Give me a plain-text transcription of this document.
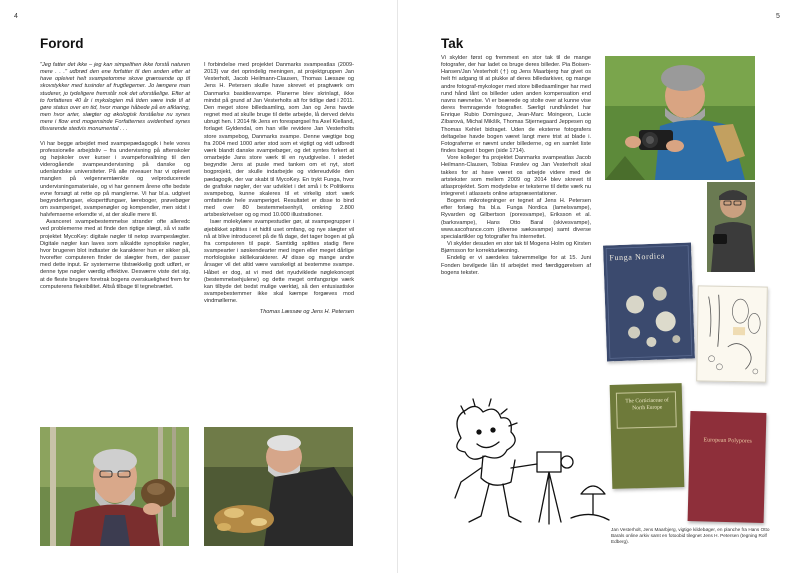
4
Forord

"Jeg fatter det ikke – jeg kan simpelthen ikke forstå naturen mere . . ." udbrød den ene forfatter til den anden efter at have opleivet helt svampetomme skove grænsende op til skovstykker med tusinder af frugtlegemer. Jo længere man studerer, jo tydeligere fremstår nok det uforståelige. Efter at to forfatteres 40 år i mykologien må tiden være inde til at gøre status over en tid, hvor mange håbede på en afklaring, men hvor arter, slægter og økologisk forståelse nu synes mere i flow end mogensinde Forfatternes uvidenhed synes tilsvarende stedvis monumental . . .

Vi har begge arbejdet med svampepædagogik i hele vores professionelle arbejdsliv – fra undervisning på aftenskoler og højskoler over kurser i svampeforvaltning til den viderogående svampeundervisning på danske og udenlandske universiteter. På alle niveauer har vi oplevet manglen på velgennemtænkte og velproducerede undervisningsmateriale, og vi har gennem årene ofte bedste evne forsøgt at rette op på manglerne. Vi har bl.a. udgivet begynderfungaer, eksperttfungaer, læreboger, prøvebøger om svamperiget, svampenøgler og kompendier, men sidst i halvfemserne erkendte vi, at der skulle mere til.

Avanceret svampebestemmelse strander ofte alleredc ved problemerne med at finde den rigtige slægt, så vi satte projektet MycoKey: digitale nøgler til netop svampeslægter. Digitale nøgler kan laves som såkaldte synoptiske nøgler, hvor brugeren blot indtaster de karakterer hun er sikker på, hvorefter computeren finder de slægter frem, der passer med dette input. Er systemerne tilstrækkelig godt udført, er denne type nøgler værdig effektive. Desværre viste det sig, at de fleste brugere foretrak bogens overskuelighed frem for computerens fleksibilitet. Altså tilbage til tegnebrættet.

I forbindelse med projektet Danmarks svampeatlas (2009-2013) var det oprindelig meningen, at projektgruppen Jan Vesterholt, Jacob Heilmann-Clausen, Thomas Læssøe og Jens H. Petersen skulle have skrevet et pragtværk om Danmarks basidiesvampe. Planerne blev skrinlagt, ikke mindst på grund af Jan Vesterholts alt for tidlige død i 2011. Den meget store billedsamling, som Jan og Jens havde regnet med at skulle bruge til dette arbejde, lå derved delvis ubrugt hen. I 2014 fik Jens en forespørgsel fra Axel Kielland, forlaget Gyldendal, om han ville revidere Jan Vesterholts store svampebog, Danmarks svampe. Denne vægtige bog fra 2004 med 1000 arter stod som et vigtigt og vidt udbredt værk blandt danske svampebøger, og det syntes forkert at omarbejde Jans store værk til en nyudgivelse. I stedet begyndte Jens at pusle med tanken om et nyt, stort bogprojekt, der skulle indarbejde og videreudvikle den pædagogik, der var skabt til MycoKey. En trykt Funga, hvor de grafiske nøgler, der var udviklet i det små i fx Politikens svampebog, kunne skaleres til et virkelig stort værk omfattende hele svamperiget. Resultatet er disse to bind med over 80 bestemmelsenhyll, omkring 2.800 artsbeskrivelser og og mod 10.000 illustrationer.

Især molekylære svampestudier gør, at svampegrupper i øjeblikket splittes i et hidtil uset omfang, og nye slægter vil nå at blive introduceret på de få dage, det tager bogen at gå fra computeren til papir. Samtidig splittes stadig flere svampearter i søskendearter med ingen eller meget dårlige morfologiske skillekarakterer. Af disse og mange andre årsager vil det altid være vanskeligt at bestemme svampe. Håbet er dog, at vi med det nyudviklede nøglekoncept (bestemmelsehjulene) og dette meget omfangsrige værk kan tilbyde det bedst mulige værktøj, så den entusiastiske svampebestemmer ikke skal kæmpe forgæves mod vindmøllerne.

Thomas Læssøe og Jens H. Petersen

5
Tak

Vi skylder først og fremmest en stor tak til de mange fotografer, der har ladet os bruge deres billeder. Pia Boisen-Hansen/Jan Vesterholt (†) og Jens Maarbjerg har givet os helt fri adgang til at plukke af deres billedarkiver, og mange andre fotograf-mykologer med store billedsamlinger har med rund hånd lånt os billeder uden anden kompensation end navns nævnelse. Vi er beærede og stolte over at kunne vise deres fremragende fotografier. Særligt rundhåndet har Enrique Rubio Domínguez, Jean-Marc Moingeon, Lucie Zíbarová, Michal Mikšík, Thomas Stjernegaard Jeppesen og Thomas Kehlet bidraget. Uden de eksterne fotografers deltagelse havde bogen været langt mere trist at blade i. Fotograferne er nævnt under billederne, og en samlet liste findes bagest i bogen (side 1714).

Vore kolleger fra projektet Danmarks svampeatlas Jacob Heilmann-Clausen, Tobias Frøslev og Jan Vesterholt skal takkes for at have været os arbejde videre med de artstekster som mellem 2009 og 2014 blev skrevet til atlasprojektet. Som modydelse er teksterne til dette værk nu integreret i atlassets online artspræsentationer.

Bogens mikrotegninger er tegnet af Jens H. Petersen efter forlæg fra bl.a. Funga Nordica (lamelsvampe), Ryvarden og Gilbertson (poresvampe), Eriksson et al. (barksvampe), Hans Otto Baral (skivesvampe), www.ascofrance.com (diverse sæksvampe) samt diverse specialartikler og fotografier fra internettet.

Vi skylder desuden en stor tak til Mogens Holm og Kirsten Bjørnsson for korrekturlæsning.

Endelig er vi særdeles taknemmelige for at 15. Juni Fonden bevilgede lån til arbejdet med færdiggørelsen af bogens tekster.

Funga Nordica
The Corticiaceae of North Europe
European Polypores
Jan Vesterholt, Jens Maarbjerg, vigtige kildebøger, en planche fra Hans Otto Barals online arkiv samt en fotoobid tilegnet Jens H. Petersen (tegning Rolf Edberg).
